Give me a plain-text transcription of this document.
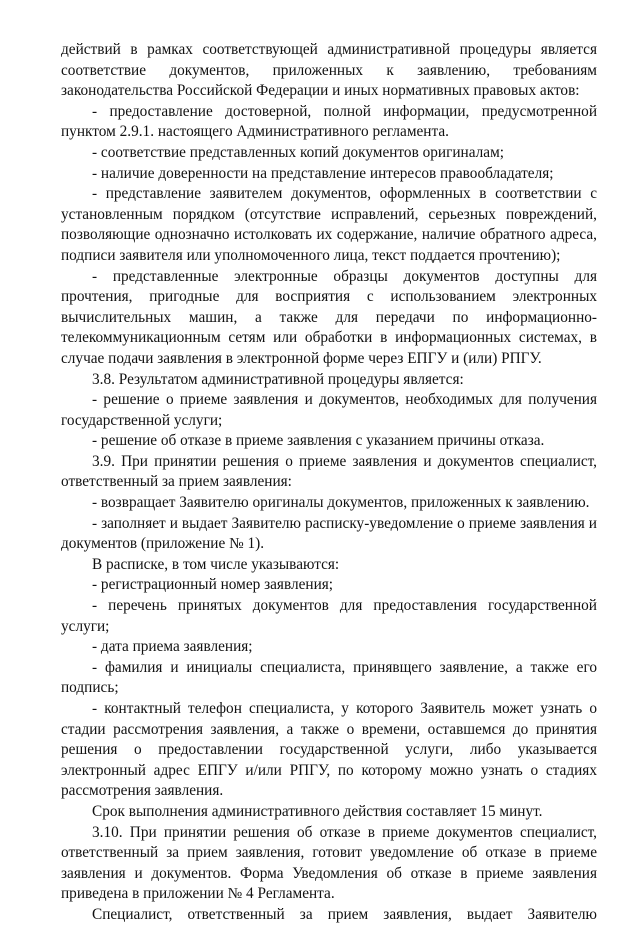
действий в рамках соответствующей административной процедуры является соответствие документов, приложенных к заявлению, требованиям законодательства Российской Федерации и иных нормативных правовых актов:

- предоставление достоверной, полной информации, предусмотренной пунктом 2.9.1. настоящего Административного регламента.

- соответствие представленных копий документов оригиналам;

- наличие доверенности на представление интересов правообладателя;

- представление заявителем документов, оформленных в соответствии с установленным порядком (отсутствие исправлений, серьезных повреждений, позволяющие однозначно истолковать их содержание, наличие обратного адреса, подписи заявителя или уполномоченного лица, текст поддается прочтению);

- представленные электронные образцы документов доступны для прочтения, пригодные для восприятия с использованием электронных вычислительных машин, а также для передачи по информационно-телекоммуникационным сетям или обработки в информационных системах, в случае подачи заявления в электронной форме через ЕПГУ и (или) РПГУ.

3.8. Результатом административной процедуры является:

- решение о приеме заявления и документов, необходимых для получения государственной услуги;

- решение об отказе в приеме заявления с указанием причины отказа.

3.9. При принятии решения о приеме заявления и документов специалист, ответственный за прием заявления:

- возвращает Заявителю оригиналы документов, приложенных к заявлению.

- заполняет и выдает Заявителю расписку-уведомление о приеме заявления и документов (приложение № 1).

В расписке, в том числе указываются:

- регистрационный номер заявления;

- перечень принятых документов для предоставления государственной услуги;

- дата приема заявления;

- фамилия и инициалы специалиста, принявщего заявление, а также его подпись;

- контактный телефон специалиста, у которого Заявитель может узнать о стадии рассмотрения заявления, а также о времени, оставшемся до принятия решения о предоставлении государственной услуги, либо указывается электронный адрес ЕПГУ и/или РПГУ, по которому можно узнать о стадиях рассмотрения заявления.

Срок выполнения административного действия составляет 15 минут.

3.10. При принятии решения об отказе в приеме документов специалист, ответственный за прием заявления, готовит уведомление об отказе в приеме заявления и документов. Форма Уведомления об отказе в приеме заявления приведена в приложении № 4 Регламента.

Специалист, ответственный за прием заявления, выдает Заявителю
